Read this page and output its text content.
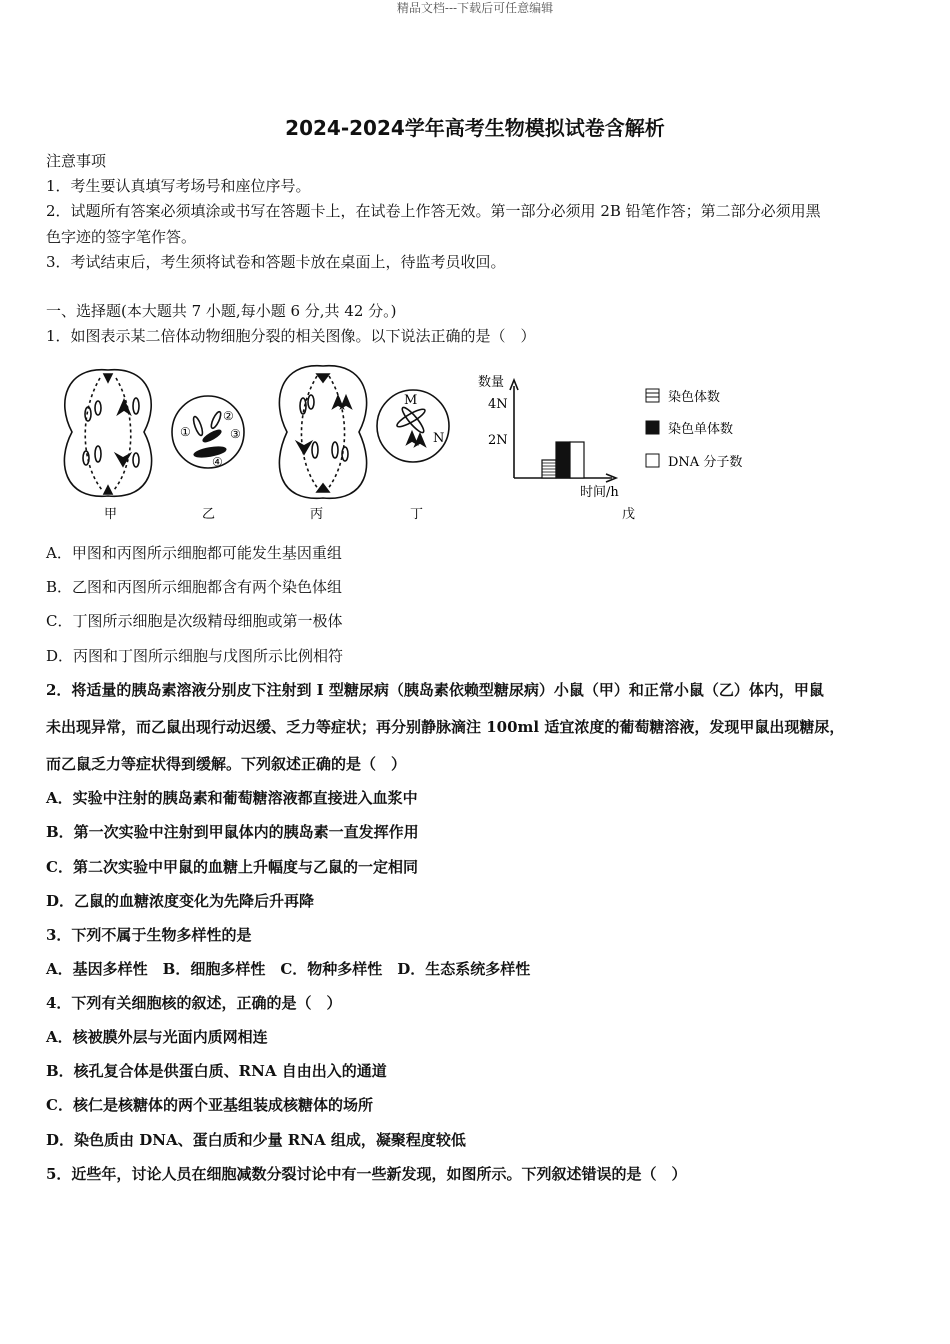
精品文档---下载后可任意编辑
2024-2024学年高考生物模拟试卷含解析
注意事项
1．考生要认真填写考场号和座位序号。
2．试题所有答案必须填涂或书写在答题卡上，在试卷上作答无效。第一部分必须用 2B 铅笔作答；第二部分必须用黑
色字迹的签字笔作答。
3．考试结束后，考生须将试卷和答题卡放在桌面上，待监考员收回。
一、选择题(本大题共 7 小题,每小题 6 分,共 42 分。)
1．如图表示某二倍体动物细胞分裂的相关图像。以下说法正确的是（　）
①
②
③
④
M
N
数量
4N
2N
时间/h
染色体数
染色单体数
DNA 分子数
甲	乙	丙	丁	戊
A．甲图和丙图所示细胞都可能发生基因重组
B．乙图和丙图所示细胞都含有两个染色体组
C．丁图所示细胞是次级精母细胞或第一极体
D．丙图和丁图所示细胞与戊图所示比例相符
2．将适量的胰岛素溶液分别皮下注射到 I 型糖尿病（胰岛素依赖型糖尿病）小鼠（甲）和正常小鼠（乙）体内，甲鼠
未出现异常，而乙鼠出现行动迟缓、乏力等症状；再分别静脉滴注 100ml 适宜浓度的葡萄糖溶液，发现甲鼠出现糖尿，
而乙鼠乏力等症状得到缓解。下列叙述正确的是（　）
A．实验中注射的胰岛素和葡萄糖溶液都直接进入血浆中
B．第一次实验中注射到甲鼠体内的胰岛素一直发挥作用
C．第二次实验中甲鼠的血糖上升幅度与乙鼠的一定相同
D．乙鼠的血糖浓度变化为先降后升再降
3．下列不属于生物多样性的是
A．基因多样性　B．细胞多样性　C．物种多样性　D．生态系统多样性
4．下列有关细胞核的叙述，正确的是（　）
A．核被膜外层与光面内质网相连
B．核孔复合体是供蛋白质、RNA 自由出入的通道
C．核仁是核糖体的两个亚基组装成核糖体的场所
D．染色质由 DNA、蛋白质和少量 RNA 组成，凝聚程度较低
5．近些年，讨论人员在细胞减数分裂讨论中有一些新发现，如图所示。下列叙述错误的是（　）
